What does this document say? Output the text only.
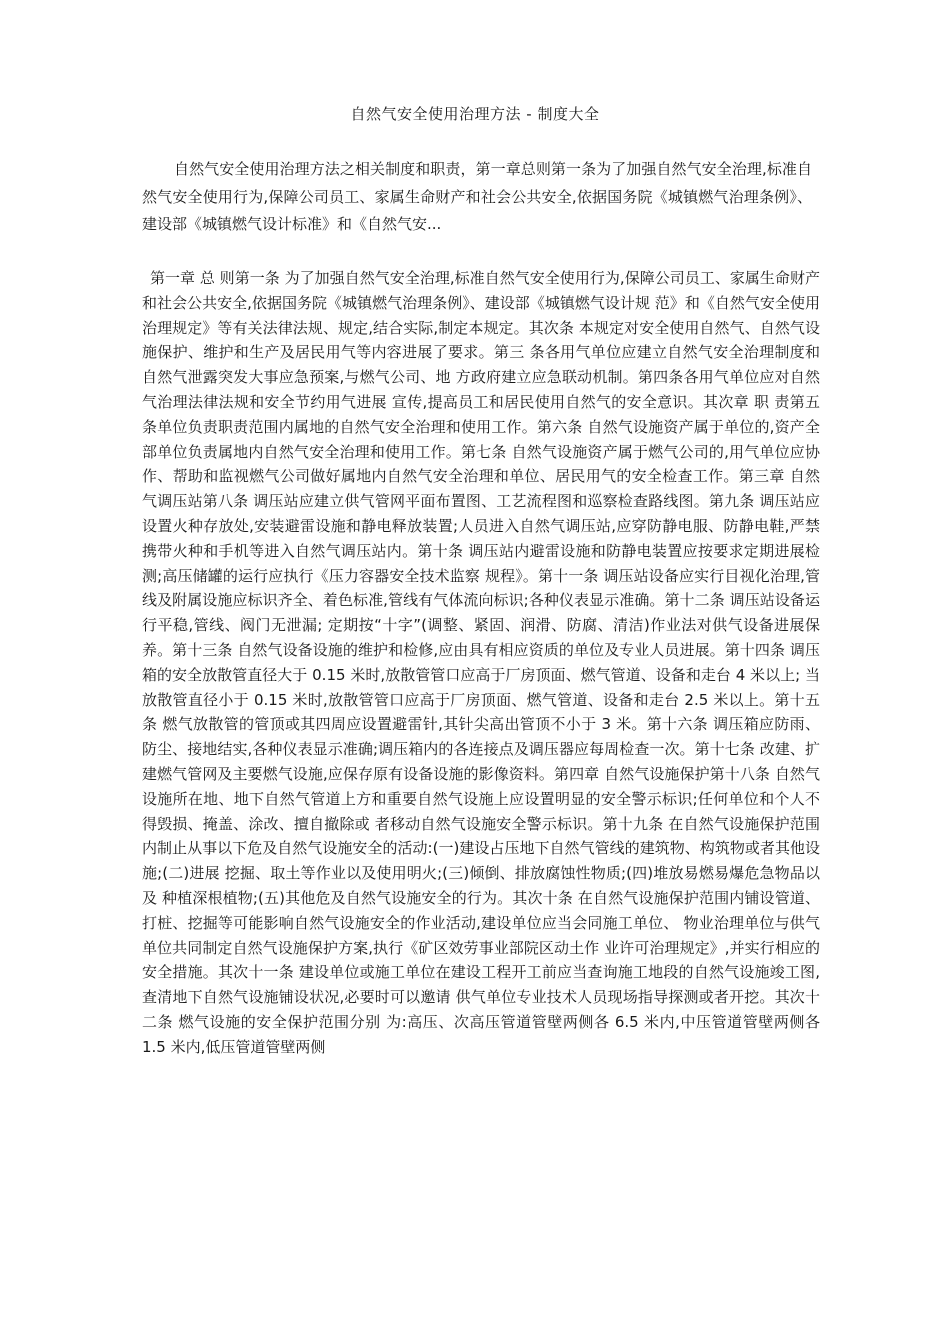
自然气安全使用治理方法 - 制度大全

自然气安全使用治理方法之相关制度和职责，第一章总则第一条为了加强自然气安全治理,标准自然气安全使用行为,保障公司员工、家属生命财产和社会公共安全,依据国务院《城镇燃气治理条例》、建设部《城镇燃气设计标准》和《自然气安...

第一章 总 则第一条 为了加强自然气安全治理,标准自然气安全使用行为,保障公司员工、家属生命财产和社会公共安全,依据国务院《城镇燃气治理条例》、建设部《城镇燃气设计规 范》和《自然气安全使用治理规定》等有关法律法规、规定,结合实际,制定本规定。其次条 本规定对安全使用自然气、自然气设施保护、维护和生产及居民用气等内容进展了要求。第三 条各用气单位应建立自然气安全治理制度和自然气泄露突发大事应急预案,与燃气公司、地 方政府建立应急联动机制。第四条各用气单位应对自然气治理法律法规和安全节约用气进展 宣传,提高员工和居民使用自然气的安全意识。其次章 职 责第五条单位负责职责范围内属地的自然气安全治理和使用工作。第六条 自然气设施资产属于单位的,资产全部单位负责属地内自然气安全治理和使用工作。第七条 自然气设施资产属于燃气公司的,用气单位应协作、帮助和监视燃气公司做好属地内自然气安全治理和单位、居民用气的安全检查工作。第三章 自然气调压站第八条 调压站应建立供气管网平面布置图、工艺流程图和巡察检查路线图。第九条 调压站应设置火种存放处,安装避雷设施和静电释放装置;人员进入自然气调压站,应穿防静电服、防静电鞋,严禁携带火种和手机等进入自然气调压站内。第十条 调压站内避雷设施和防静电装置应按要求定期进展检测;高压储罐的运行应执行《压力容器安全技术监察 规程》。第十一条 调压站设备应实行目视化治理,管线及附属设施应标识齐全、着色标准,管线有气体流向标识;各种仪表显示准确。第十二条 调压站设备运行平稳,管线、阀门无泄漏; 定期按“十字”(调整、紧固、润滑、防腐、清洁)作业法对供气设备进展保养。第十三条 自然气设备设施的维护和检修,应由具有相应资质的单位及专业人员进展。第十四条 调压箱的安全放散管直径大于 0.15 米时,放散管管口应高于厂房顶面、燃气管道、设备和走台 4 米以上; 当放散管直径小于 0.15 米时,放散管管口应高于厂房顶面、燃气管道、设备和走台 2.5 米以上。第十五条 燃气放散管的管顶或其四周应设置避雷针,其针尖高出管顶不小于 3 米。第十六条 调压箱应防雨、防尘、接地结实,各种仪表显示准确;调压箱内的各连接点及调压器应每周检查一次。第十七条 改建、扩建燃气管网及主要燃气设施,应保存原有设备设施的影像资料。第四章 自然气设施保护第十八条 自然气设施所在地、地下自然气管道上方和重要自然气设施上应设置明显的安全警示标识;任何单位和个人不得毁损、掩盖、涂改、擅自撤除或 者移动自然气设施安全警示标识。第十九条 在自然气设施保护范围内制止从事以下危及自然气设施安全的活动:(一)建设占压地下自然气管线的建筑物、构筑物或者其他设施;(二)进展 挖掘、取土等作业以及使用明火;(三)倾倒、排放腐蚀性物质;(四)堆放易燃易爆危急物品以及 种植深根植物;(五)其他危及自然气设施安全的行为。其次十条 在自然气设施保护范围内铺设管道、打桩、挖掘等可能影响自然气设施安全的作业活动,建设单位应当会同施工单位、 物业治理单位与供气单位共同制定自然气设施保护方案,执行《矿区效劳事业部院区动土作 业许可治理规定》,并实行相应的安全措施。其次十一条 建设单位或施工单位在建设工程开工前应当查询施工地段的自然气设施竣工图,查清地下自然气设施铺设状况,必要时可以邀请 供气单位专业技术人员现场指导探测或者开挖。其次十二条 燃气设施的安全保护范围分别 为:高压、次高压管道管壁两侧各 6.5 米内,中压管道管壁两侧各 1.5 米内,低压管道管壁两侧
